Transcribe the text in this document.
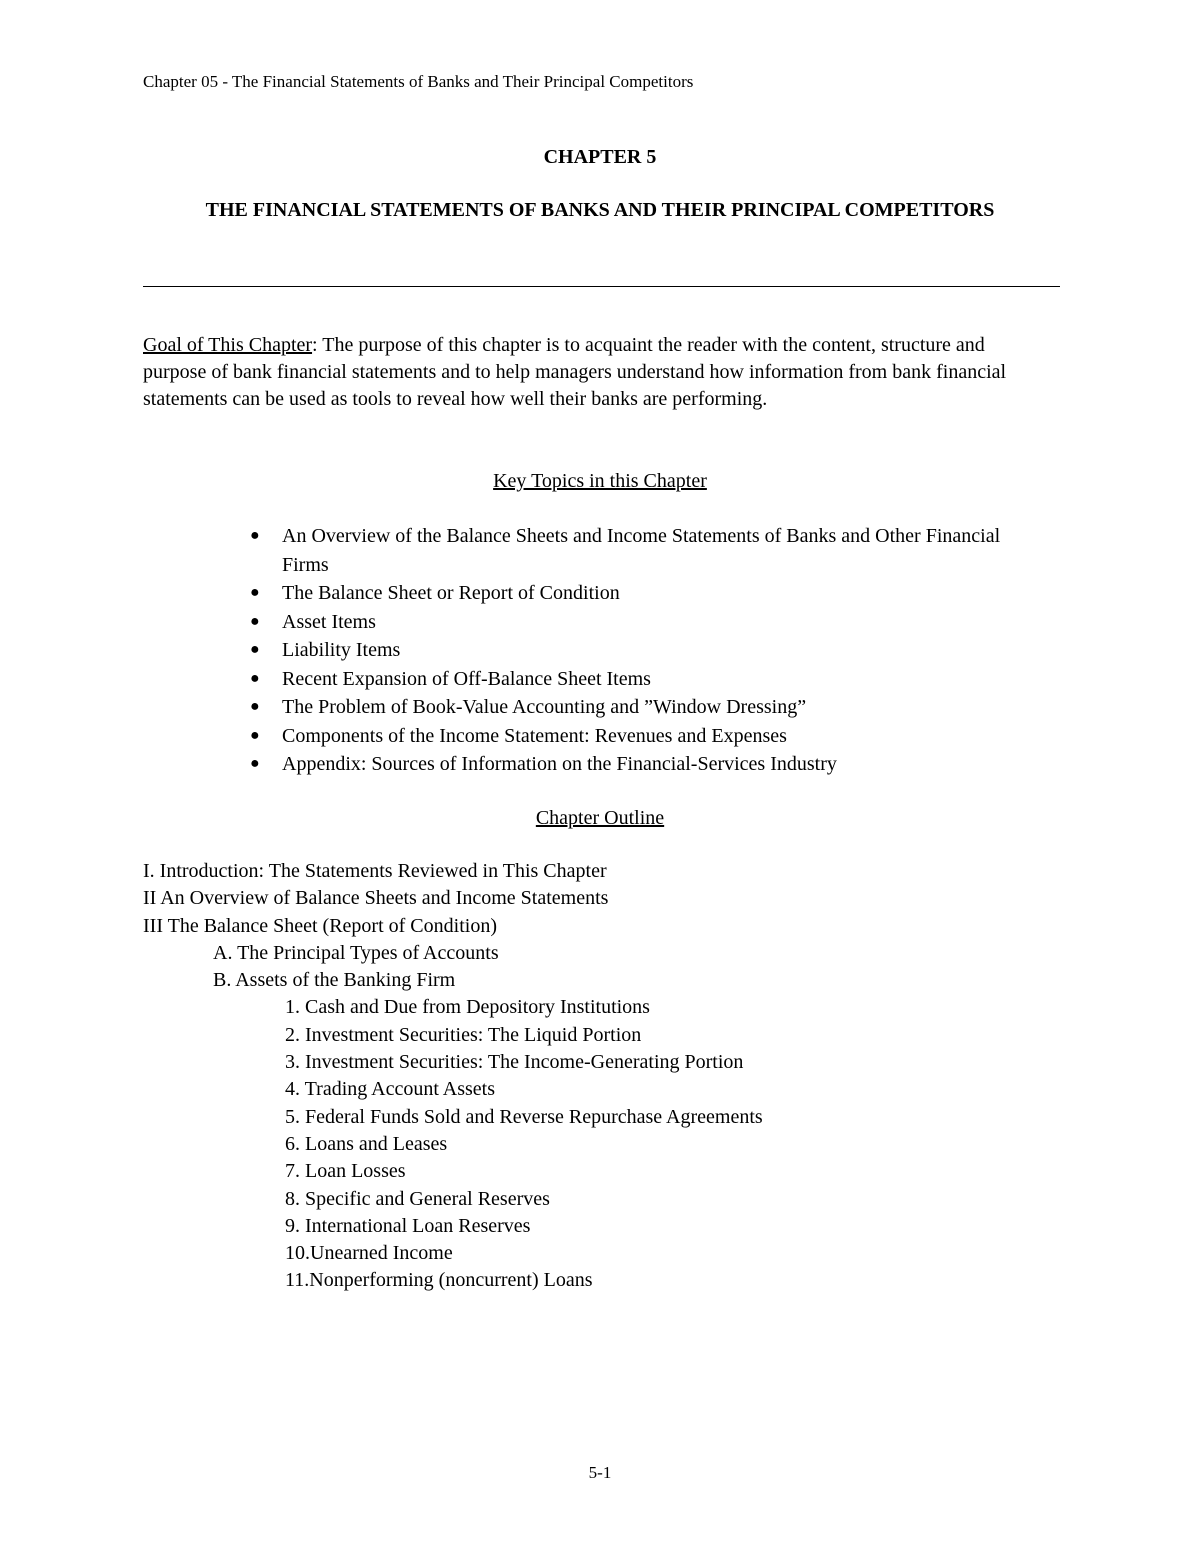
Chapter 05 - The Financial Statements of Banks and Their Principal Competitors
CHAPTER 5
THE FINANCIAL STATEMENTS OF BANKS AND THEIR PRINCIPAL COMPETITORS
Goal of This Chapter: The purpose of this chapter is to acquaint the reader with the content, structure and purpose of bank financial statements and to help managers understand how information from bank financial statements can be used as tools to reveal how well their banks are performing.
Key Topics in this Chapter
● An Overview of the Balance Sheets and Income Statements of Banks and Other Financial Firms
● The Balance Sheet or Report of Condition
● Asset Items
● Liability Items
● Recent Expansion of Off-Balance Sheet Items
● The Problem of Book-Value Accounting and ”Window Dressing”
● Components of the Income Statement: Revenues and Expenses
● Appendix: Sources of Information on the Financial-Services Industry
Chapter Outline
I. Introduction: The Statements Reviewed in This Chapter
II An Overview of Balance Sheets and Income Statements
III The Balance Sheet (Report of Condition)
A. The Principal Types of Accounts
B. Assets of the Banking Firm
1. Cash and Due from Depository Institutions
2. Investment Securities: The Liquid Portion
3. Investment Securities: The Income-Generating Portion
4. Trading Account Assets
5. Federal Funds Sold and Reverse Repurchase Agreements
6. Loans and Leases
7. Loan Losses
8. Specific and General Reserves
9. International Loan Reserves
10.Unearned Income
11.Nonperforming (noncurrent) Loans
5-1
